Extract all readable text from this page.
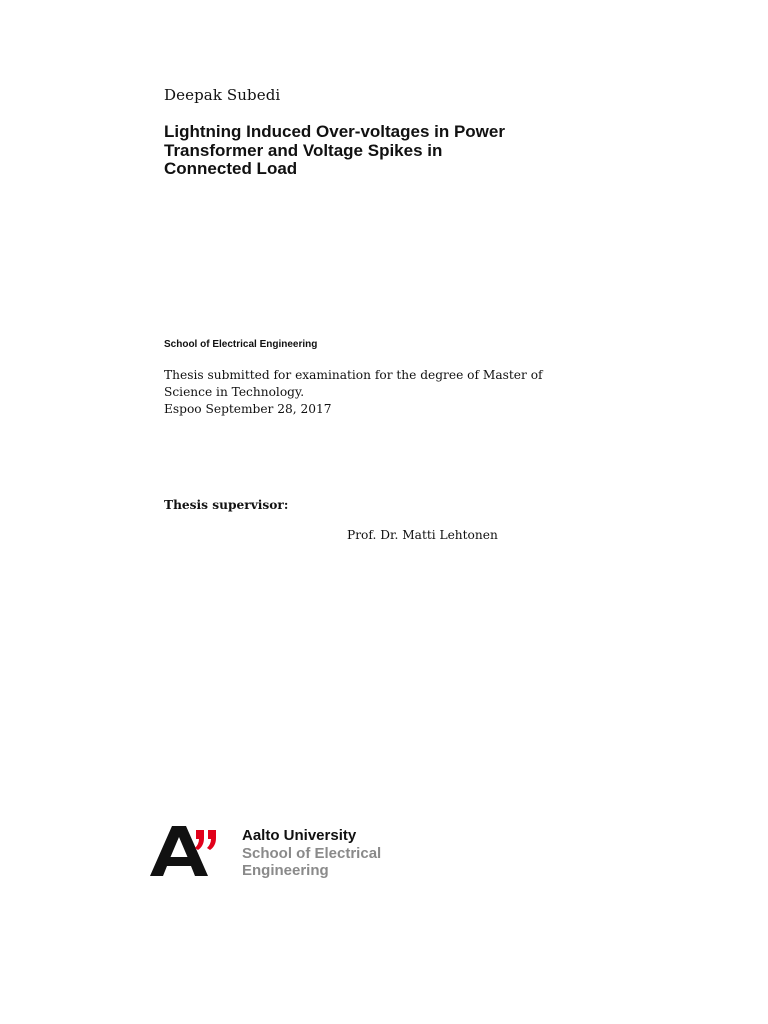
Deepak Subedi

Lightning Induced Over-voltages in Power
Transformer and Voltage Spikes in
Connected Load

School of Electrical Engineering

Thesis submitted for examination for the degree of Master of
Science in Technology.

Espoo September 28, 2017

Thesis supervisor:

Prof. Dr. Matti Lehtonen

Aalto University
School of Electrical
Engineering
